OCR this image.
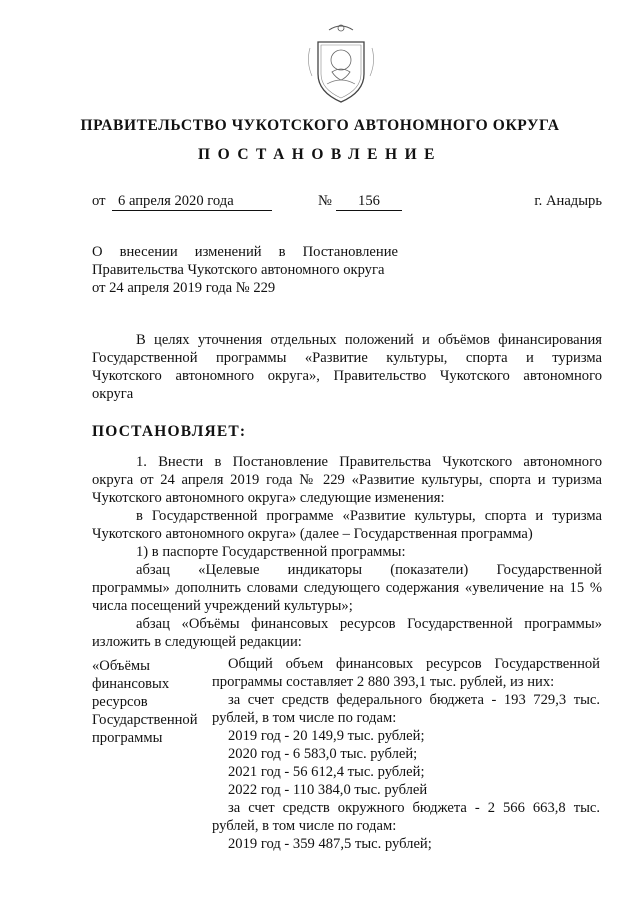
ПРАВИТЕЛЬСТВО ЧУКОТСКОГО АВТОНОМНОГО ОКРУГА
ПОСТАНОВЛЕНИЕ
от 6 апреля 2020 года	№	156	г. Анадырь
О внесении изменений в Постановление
Правительства Чукотского автономного округа
от 24 апреля 2019 года № 229
В целях уточнения отдельных положений и объёмов финансирования
Государственной программы «Развитие культуры, спорта и туризма
Чукотского автономного округа», Правительство Чукотского автономного
округа
ПОСТАНОВЛЯЕТ:
1. Внести в Постановление Правительства Чукотского автономного
округа от 24 апреля 2019 года № 229 «Развитие культуры, спорта и туризма
Чукотского автономного округа» следующие изменения:
в Государственной программе «Развитие культуры, спорта и туризма
Чукотского автономного округа» (далее – Государственная программа)
1) в паспорте Государственной программы:
абзац «Целевые индикаторы (показатели) Государственной
программы» дополнить словами следующего содержания «увеличение на 15 %
числа посещений учреждений культуры»;
абзац «Объёмы финансовых ресурсов Государственной программы»
изложить в следующей редакции:
«Объёмы
финансовых
ресурсов
Государственной
программы
Общий объем финансовых ресурсов Государственной
программы составляет 2 880 393,1 тыс. рублей, из них:
за счет средств федерального бюджета - 193 729,3 тыс.
рублей, в том числе по годам:
2019 год - 20 149,9 тыс. рублей;
2020 год - 6 583,0 тыс. рублей;
2021 год - 56 612,4 тыс. рублей;
2022 год - 110 384,0 тыс. рублей
за счет средств окружного бюджета - 2 566 663,8 тыс.
рублей, в том числе по годам:
2019 год - 359 487,5 тыс. рублей;
